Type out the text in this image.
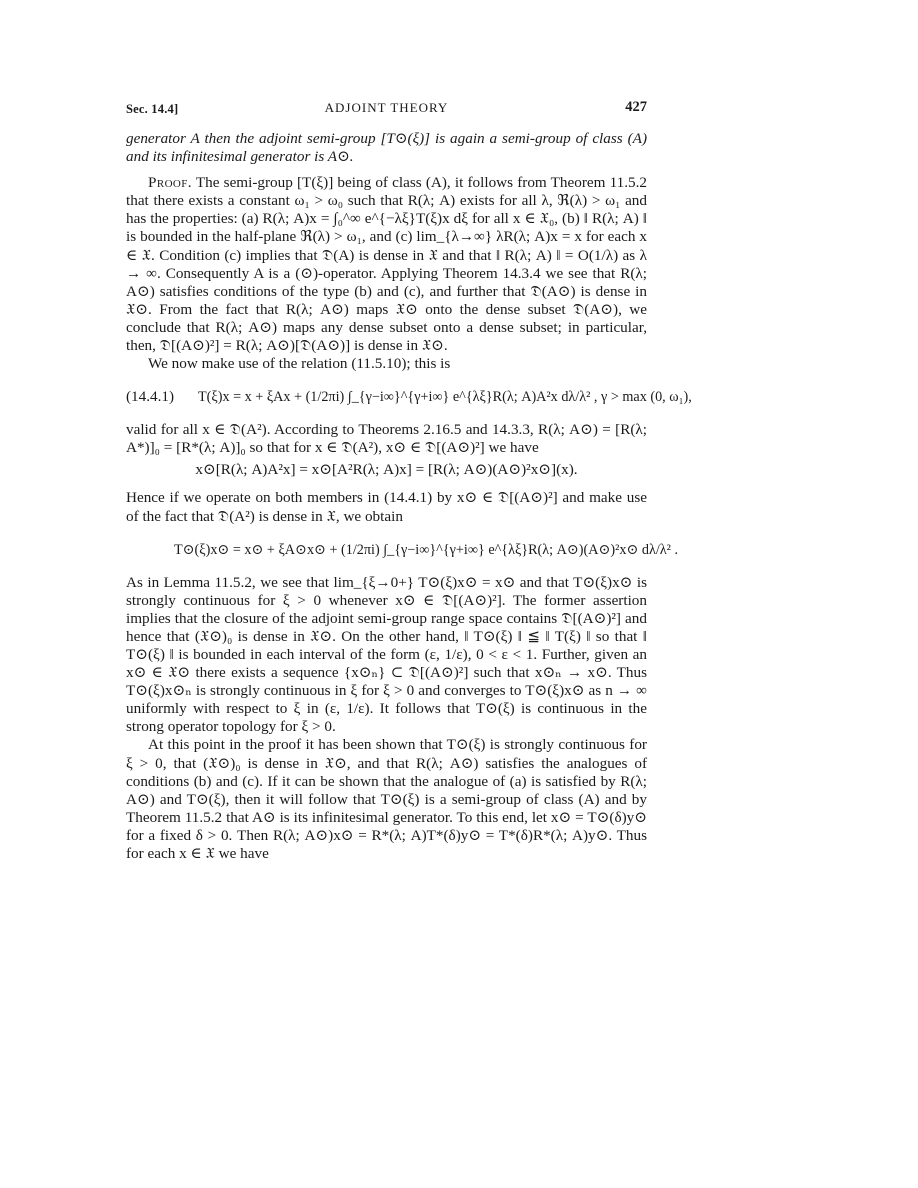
Sec. 14.4]	ADJOINT THEORY	427

generator A then the adjoint semi-group [T⊙(ξ)] is again a semi-group of class (A) and its infinitesimal generator is A⊙.

Proof. The semi-group [T(ξ)] being of class (A), it follows from Theorem 11.5.2 that there exists a constant ω₁ > ω₀ such that R(λ; A) exists for all λ, ℜ(λ) > ω₁ and has the properties: (a) R(λ; A)x = ∫₀^∞ e^{−λξ}T(ξ)x dξ for all x ∈ 𝔛₀, (b) ‖ R(λ; A) ‖ is bounded in the half-plane ℜ(λ) > ω₁, and (c) lim_{λ→∞} λR(λ; A)x = x for each x ∈ 𝔛. Condition (c) implies that 𝔇(A) is dense in 𝔛 and that ‖ R(λ; A) ‖ = O(1/λ) as λ → ∞. Consequently A is a (⊙)-operator. Applying Theorem 14.3.4 we see that R(λ; A⊙) satisfies conditions of the type (b) and (c), and further that 𝔇(A⊙) is dense in 𝔛⊙. From the fact that R(λ; A⊙) maps 𝔛⊙ onto the dense subset 𝔇(A⊙), we conclude that R(λ; A⊙) maps any dense subset onto a dense subset; in particular, then, 𝔇[(A⊙)²] = R(λ; A⊙)[𝔇(A⊙)] is dense in 𝔛⊙.

We now make use of the relation (11.5.10); this is

(14.4.1) T(ξ)x = x + ξAx + (1/2πi) ∫_{γ−i∞}^{γ+i∞} e^{λξ}R(λ; A)A²x dλ/λ² , γ > max (0, ω₁),

valid for all x ∈ 𝔇(A²). According to Theorems 2.16.5 and 14.3.3, R(λ; A⊙) = [R(λ; A*)]₀ = [R*(λ; A)]₀ so that for x ∈ 𝔇(A²), x⊙ ∈ 𝔇[(A⊙)²] we have

x⊙[R(λ; A)A²x] = x⊙[A²R(λ; A)x] = [R(λ; A⊙)(A⊙)²x⊙](x).

Hence if we operate on both members in (14.4.1) by x⊙ ∈ 𝔇[(A⊙)²] and make use of the fact that 𝔇(A²) is dense in 𝔛, we obtain

T⊙(ξ)x⊙ = x⊙ + ξA⊙x⊙ + (1/2πi) ∫_{γ−i∞}^{γ+i∞} e^{λξ}R(λ; A⊙)(A⊙)²x⊙ dλ/λ² .

As in Lemma 11.5.2, we see that lim_{ξ→0+} T⊙(ξ)x⊙ = x⊙ and that T⊙(ξ)x⊙ is strongly continuous for ξ > 0 whenever x⊙ ∈ 𝔇[(A⊙)²]. The former assertion implies that the closure of the adjoint semi-group range space contains 𝔇[(A⊙)²] and hence that (𝔛⊙)₀ is dense in 𝔛⊙. On the other hand, ‖ T⊙(ξ) ‖ ≦ ‖ T(ξ) ‖ so that ‖ T⊙(ξ) ‖ is bounded in each interval of the form (ε, 1/ε), 0 < ε < 1. Further, given an x⊙ ∈ 𝔛⊙ there exists a sequence {x⊙ₙ} ⊂ 𝔇[(A⊙)²] such that x⊙ₙ → x⊙. Thus T⊙(ξ)x⊙ₙ is strongly continuous in ξ for ξ > 0 and converges to T⊙(ξ)x⊙ as n → ∞ uniformly with respect to ξ in (ε, 1/ε). It follows that T⊙(ξ) is continuous in the strong operator topology for ξ > 0.

At this point in the proof it has been shown that T⊙(ξ) is strongly continuous for ξ > 0, that (𝔛⊙)₀ is dense in 𝔛⊙, and that R(λ; A⊙) satisfies the analogues of conditions (b) and (c). If it can be shown that the analogue of (a) is satisfied by R(λ; A⊙) and T⊙(ξ), then it will follow that T⊙(ξ) is a semi-group of class (A) and by Theorem 11.5.2 that A⊙ is its infinitesimal generator. To this end, let x⊙ = T⊙(δ)y⊙ for a fixed δ > 0. Then R(λ; A⊙)x⊙ = R*(λ; A)T*(δ)y⊙ = T*(δ)R*(λ; A)y⊙. Thus for each x ∈ 𝔛 we have
